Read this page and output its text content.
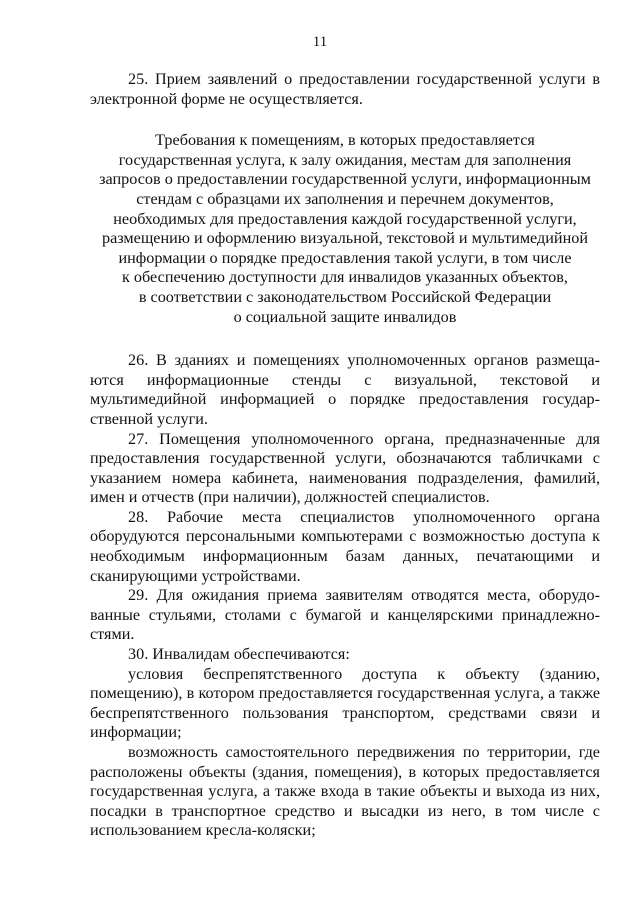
11

25. Прием заявлений о предоставлении государственной услуги в электронной форме не осуществляется.

Требования к помещениям, в которых предоставляется
государственная услуга, к залу ожидания, местам для заполнения
запросов о предоставлении государственной услуги, информационным
стендам с образцами их заполнения и перечнем документов,
необходимых для предоставления каждой государственной услуги,
размещению и оформлению визуальной, текстовой и мультимедийной
информации о порядке предоставления такой услуги, в том числе
к обеспечению доступности для инвалидов указанных объектов,
в соответствии с законодательством Российской Федерации
о социальной защите инвалидов

26. В зданиях и помещениях уполномоченных органов размещаются информационные стенды с визуальной, текстовой и мультимедийной информацией о порядке предоставления государственной услуги.

27. Помещения уполномоченного органа, предназначенные для предоставления государственной услуги, обозначаются табличками с указанием номера кабинета, наименования подразделения, фамилий, имен и отчеств (при наличии), должностей специалистов.

28. Рабочие места специалистов уполномоченного органа оборудуются персональными компьютерами с возможностью доступа к необходимым информационным базам данных, печатающими и сканирующими устройствами.

29. Для ожидания приема заявителям отводятся места, оборудованные стульями, столами с бумагой и канцелярскими принадлежностями.

30. Инвалидам обеспечиваются:

условия беспрепятственного доступа к объекту (зданию, помещению), в котором предоставляется государственная услуга, а также беспрепятственного пользования транспортом, средствами связи и информации;

возможность самостоятельного передвижения по территории, где расположены объекты (здания, помещения), в которых предоставляется государственная услуга, а также входа в такие объекты и выхода из них, посадки в транспортное средство и высадки из него, в том числе с использованием кресла-коляски;
